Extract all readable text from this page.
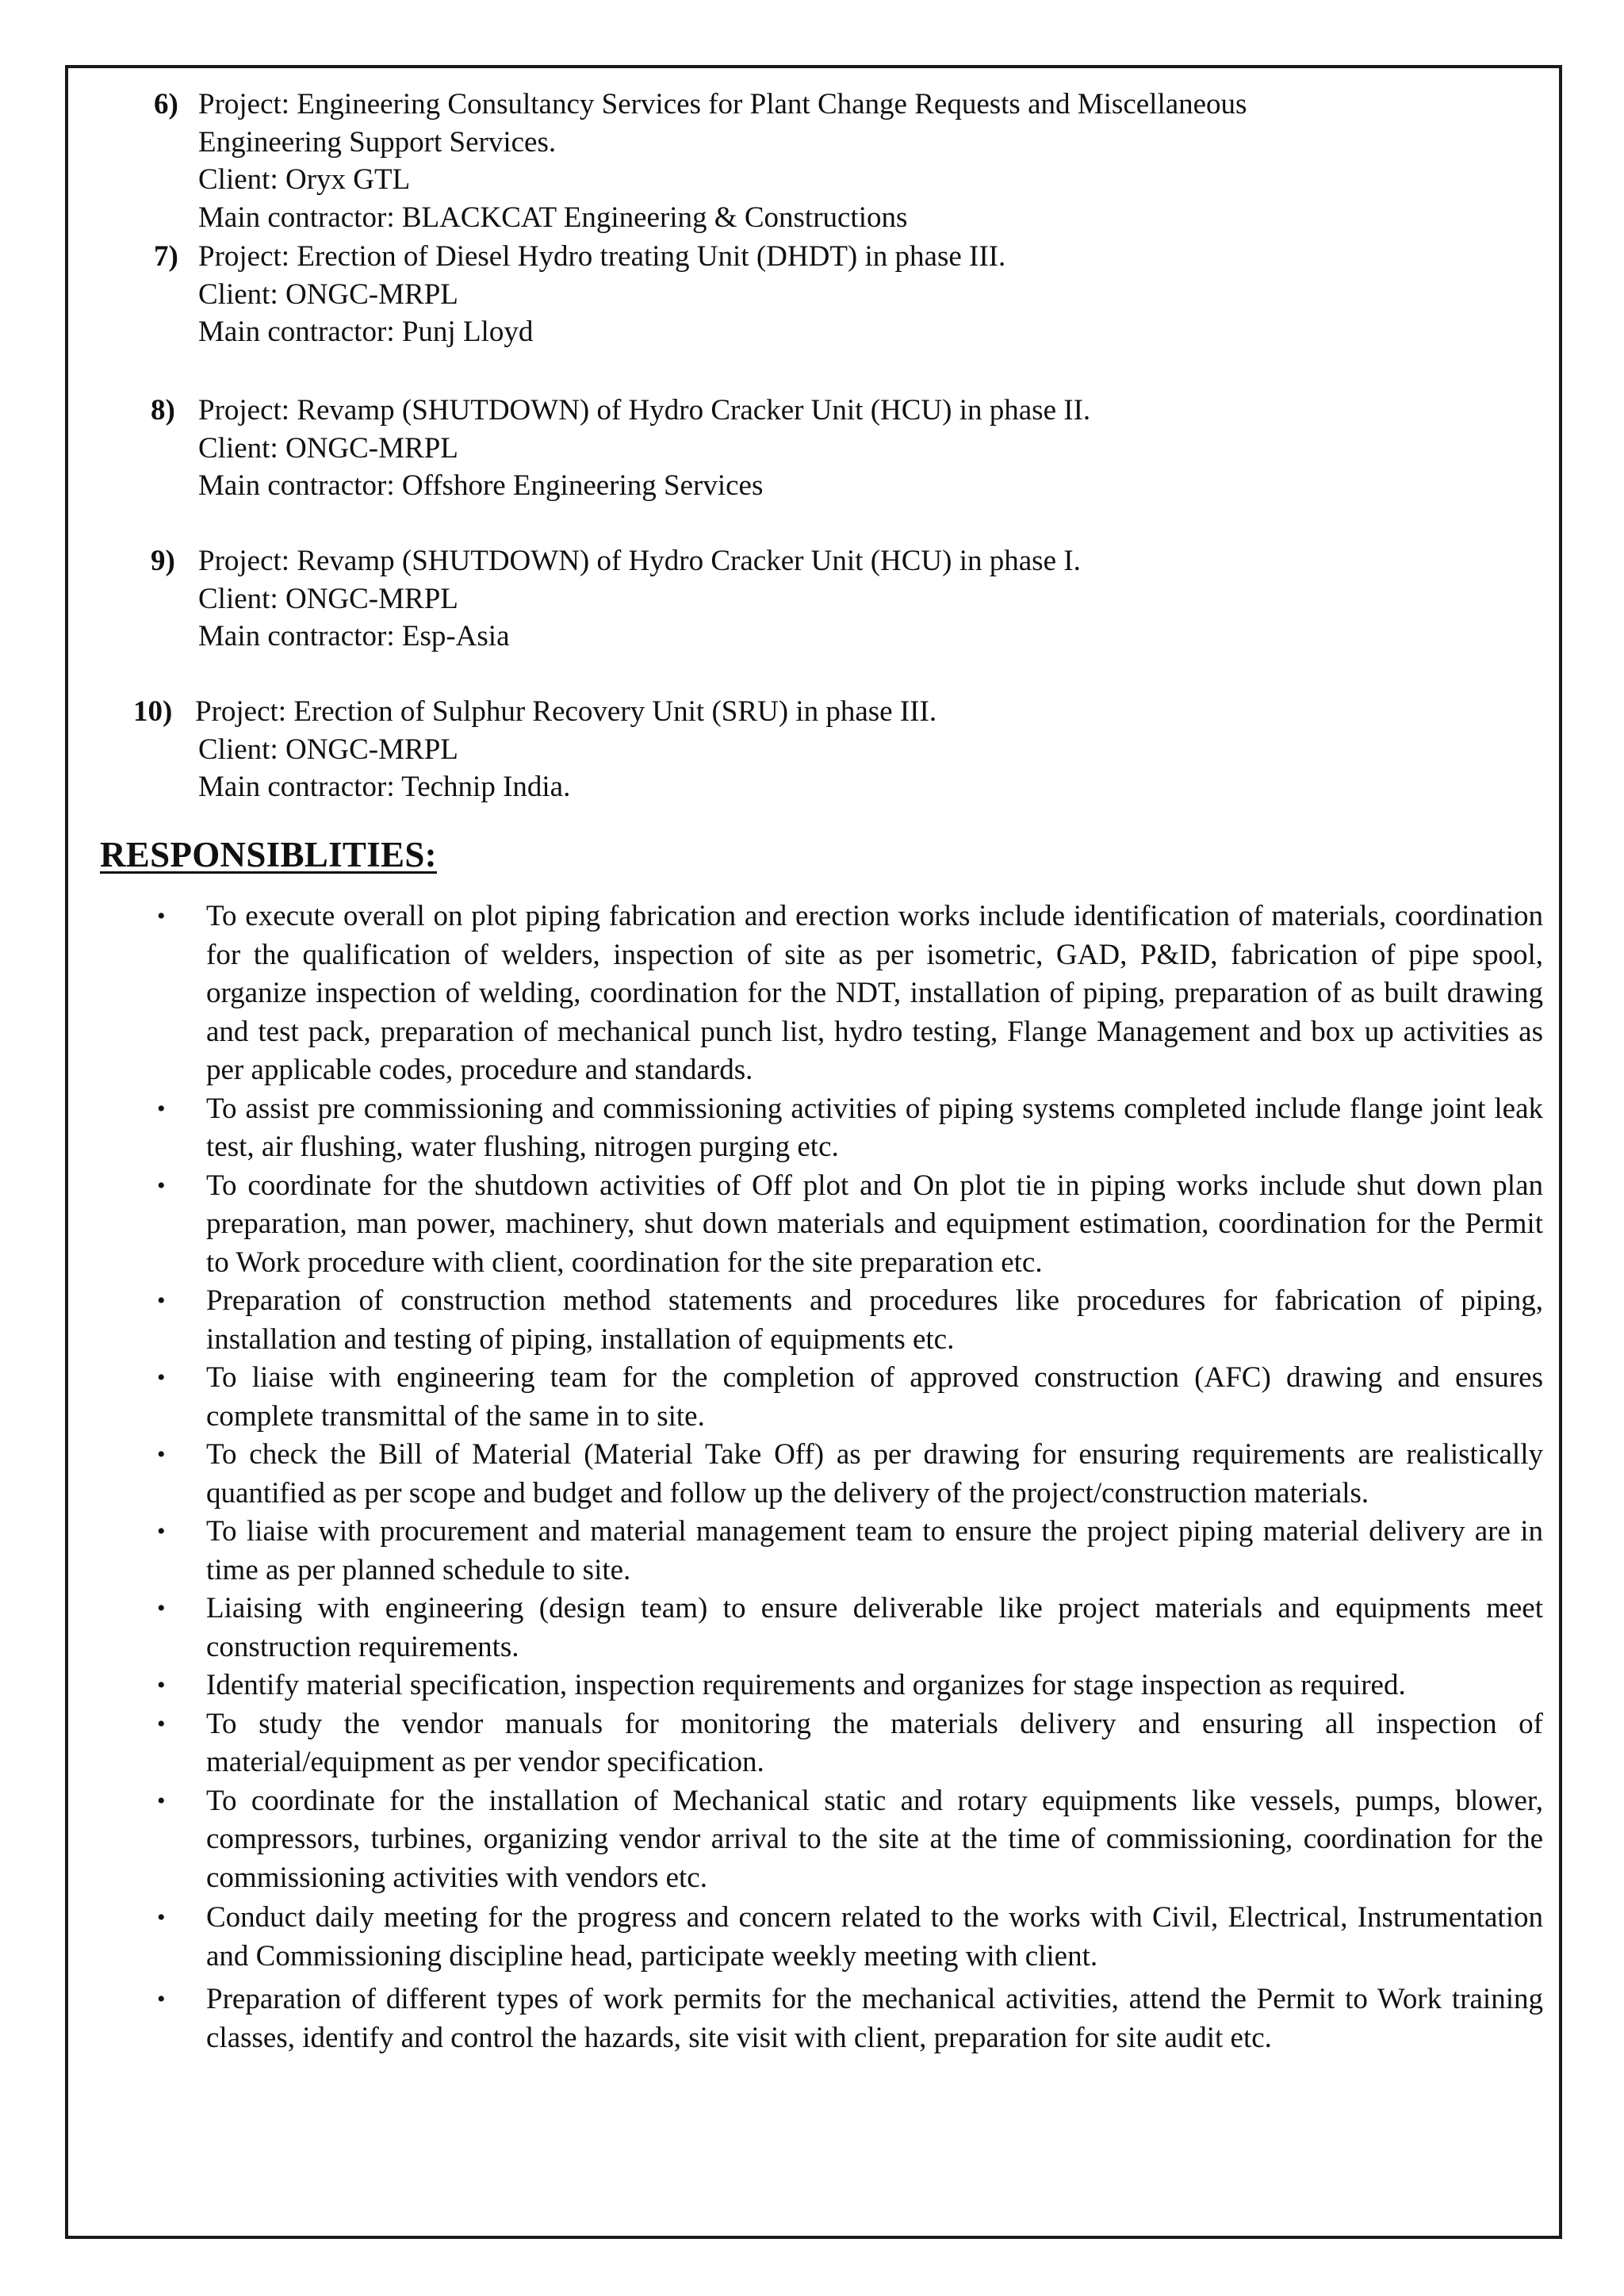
6) Project: Engineering Consultancy Services for Plant Change Requests and Miscellaneous
Engineering Support Services.
Client: Oryx GTL
Main contractor: BLACKCAT Engineering & Constructions
7) Project: Erection of Diesel Hydro treating Unit (DHDT) in phase III.
Client: ONGC-MRPL
Main contractor: Punj Lloyd
8) Project: Revamp (SHUTDOWN) of Hydro Cracker Unit (HCU) in phase II.
Client: ONGC-MRPL
Main contractor: Offshore Engineering Services
9) Project: Revamp (SHUTDOWN) of Hydro Cracker Unit (HCU) in phase I.
Client: ONGC-MRPL
Main contractor: Esp-Asia
10) Project: Erection of Sulphur Recovery Unit (SRU) in phase III.
Client: ONGC-MRPL
Main contractor: Technip India.
RESPONSIBLITIES:
• To execute overall on plot piping fabrication and erection works include identification of materials, coordination for the qualification of welders, inspection of site as per isometric, GAD, P&ID, fabrication of pipe spool, organize inspection of welding, coordination for the NDT, installation of piping, preparation of as built drawing and test pack, preparation of mechanical punch list, hydro testing, Flange Management and box up activities as per applicable codes, procedure and standards.
• To assist pre commissioning and commissioning activities of piping systems completed include flange joint leak test, air flushing, water flushing, nitrogen purging etc.
• To coordinate for the shutdown activities of Off plot and On plot tie in piping works include shut down plan preparation, man power, machinery, shut down materials and equipment estimation, coordination for the Permit to Work procedure with client, coordination for the site preparation etc.
• Preparation of construction method statements and procedures like procedures for fabrication of piping, installation and testing of piping, installation of equipments etc.
• To liaise with engineering team for the completion of approved construction (AFC) drawing and ensures complete transmittal of the same in to site.
• To check the Bill of Material (Material Take Off) as per drawing for ensuring requirements are realistically quantified as per scope and budget and follow up the delivery of the project/construction materials.
• To liaise with procurement and material management team to ensure the project piping material delivery are in time as per planned schedule to site.
• Liaising with engineering (design team) to ensure deliverable like project materials and equipments meet construction requirements.
• Identify material specification, inspection requirements and organizes for stage inspection as required.
• To study the vendor manuals for monitoring the materials delivery and ensuring all inspection of material/equipment as per vendor specification.
• To coordinate for the installation of Mechanical static and rotary equipments like vessels, pumps, blower, compressors, turbines, organizing vendor arrival to the site at the time of commissioning, coordination for the commissioning activities with vendors etc.
• Conduct daily meeting for the progress and concern related to the works with Civil, Electrical, Instrumentation and Commissioning discipline head, participate weekly meeting with client.
• Preparation of different types of work permits for the mechanical activities, attend the Permit to Work training classes, identify and control the hazards, site visit with client, preparation for site audit etc.
